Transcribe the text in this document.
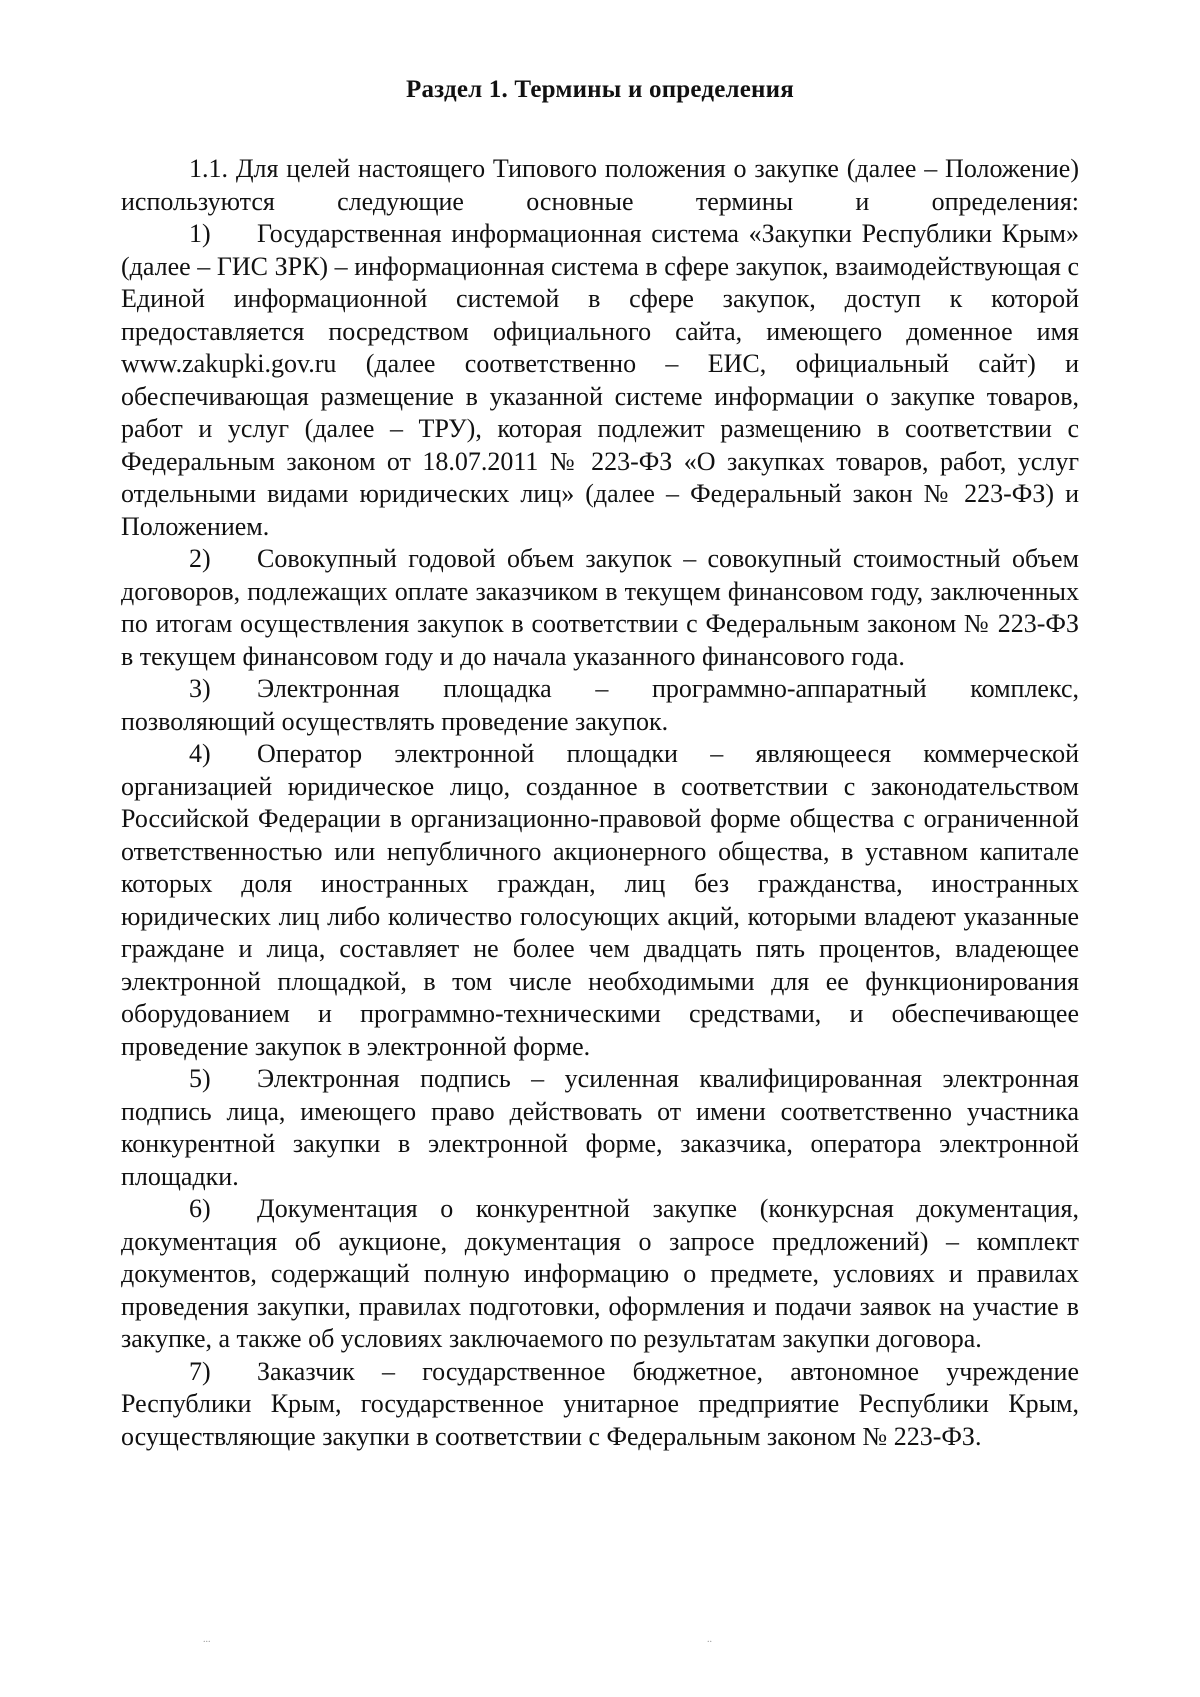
Раздел 1. Термины и определения

1.1. Для целей настоящего Типового положения о закупке (далее – Положение) используются следующие основные термины и определения:

1) Государственная информационная система «Закупки Республики Крым» (далее – ГИС ЗРК) – информационная система в сфере закупок, взаимодействующая с Единой информационной системой в сфере закупок, доступ к которой предоставляется посредством официального сайта, имеющего доменное имя www.zakupki.gov.ru (далее соответственно – ЕИС, официальный сайт) и обеспечивающая размещение в указанной системе информации о закупке товаров, работ и услуг (далее – ТРУ), которая подлежит размещению в соответствии с Федеральным законом от 18.07.2011 № 223-ФЗ «О закупках товаров, работ, услуг отдельными видами юридических лиц» (далее – Федеральный закон № 223-ФЗ) и Положением.

2) Совокупный годовой объем закупок – совокупный стоимостный объем договоров, подлежащих оплате заказчиком в текущем финансовом году, заключенных по итогам осуществления закупок в соответствии с Федеральным законом № 223-ФЗ в текущем финансовом году и до начала указанного финансового года.

3) Электронная площадка – программно-аппаратный комплекс, позволяющий осуществлять проведение закупок.

4) Оператор электронной площадки – являющееся коммерческой организацией юридическое лицо, созданное в соответствии с законодательством Российской Федерации в организационно-правовой форме общества с ограниченной ответственностью или непубличного акционерного общества, в уставном капитале которых доля иностранных граждан, лиц без гражданства, иностранных юридических лиц либо количество голосующих акций, которыми владеют указанные граждане и лица, составляет не более чем двадцать пять процентов, владеющее электронной площадкой, в том числе необходимыми для ее функционирования оборудованием и программно-техническими средствами, и обеспечивающее проведение закупок в электронной форме.

5) Электронная подпись – усиленная квалифицированная электронная подпись лица, имеющего право действовать от имени соответственно участника конкурентной закупки в электронной форме, заказчика, оператора электронной площадки.

6) Документация о конкурентной закупке (конкурсная документация, документация об аукционе, документация о запросе предложений) – комплект документов, содержащий полную информацию о предмете, условиях и правилах проведения закупки, правилах подготовки, оформления и подачи заявок на участие в закупке, а также об условиях заключаемого по результатам закупки договора.

7) Заказчик – государственное бюджетное, автономное учреждение Республики Крым, государственное унитарное предприятие Республики Крым, осуществляющие закупки в соответствии с Федеральным законом № 223-ФЗ.

...	..
